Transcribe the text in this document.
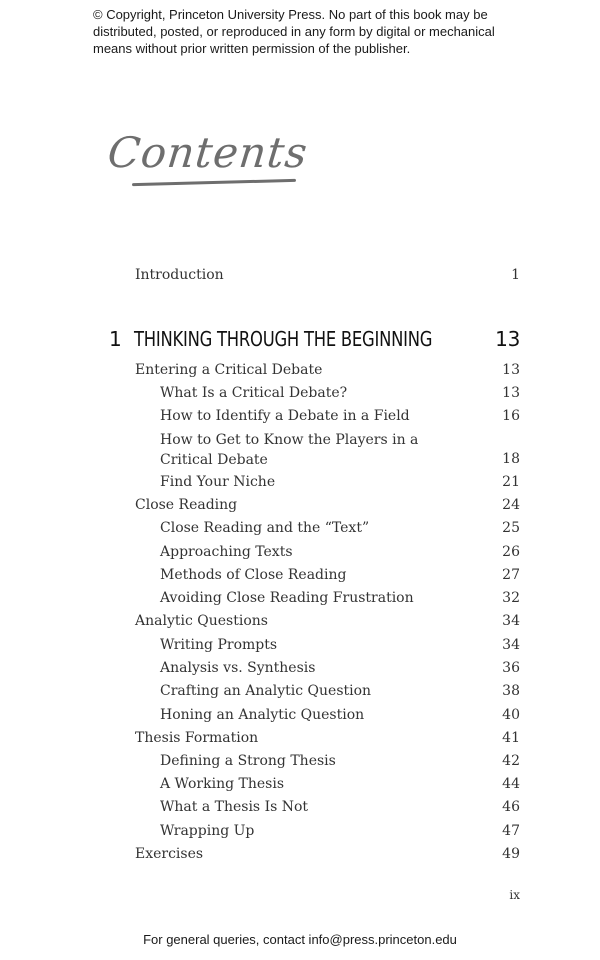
© Copyright, Princeton University Press. No part of this book may be
distributed, posted, or reproduced in any form by digital or mechanical
means without prior written permission of the publisher.
Contents
Introduction	1
1 THINKING THROUGH THE BEGINNING	13
Entering a Critical Debate	13
What Is a Critical Debate?	13
How to Identify a Debate in a Field	16
How to Get to Know the Players in a
Critical Debate	18
Find Your Niche	21
Close Reading	24
Close Reading and the “Text”	25
Approaching Texts	26
Methods of Close Reading	27
Avoiding Close Reading Frustration	32
Analytic Questions	34
Writing Prompts	34
Analysis vs. Synthesis	36
Crafting an Analytic Question	38
Honing an Analytic Question	40
Thesis Formation	41
Defining a Strong Thesis	42
A Working Thesis	44
What a Thesis Is Not	46
Wrapping Up	47
Exercises	49
ix
For general queries, contact info@press.princeton.edu
